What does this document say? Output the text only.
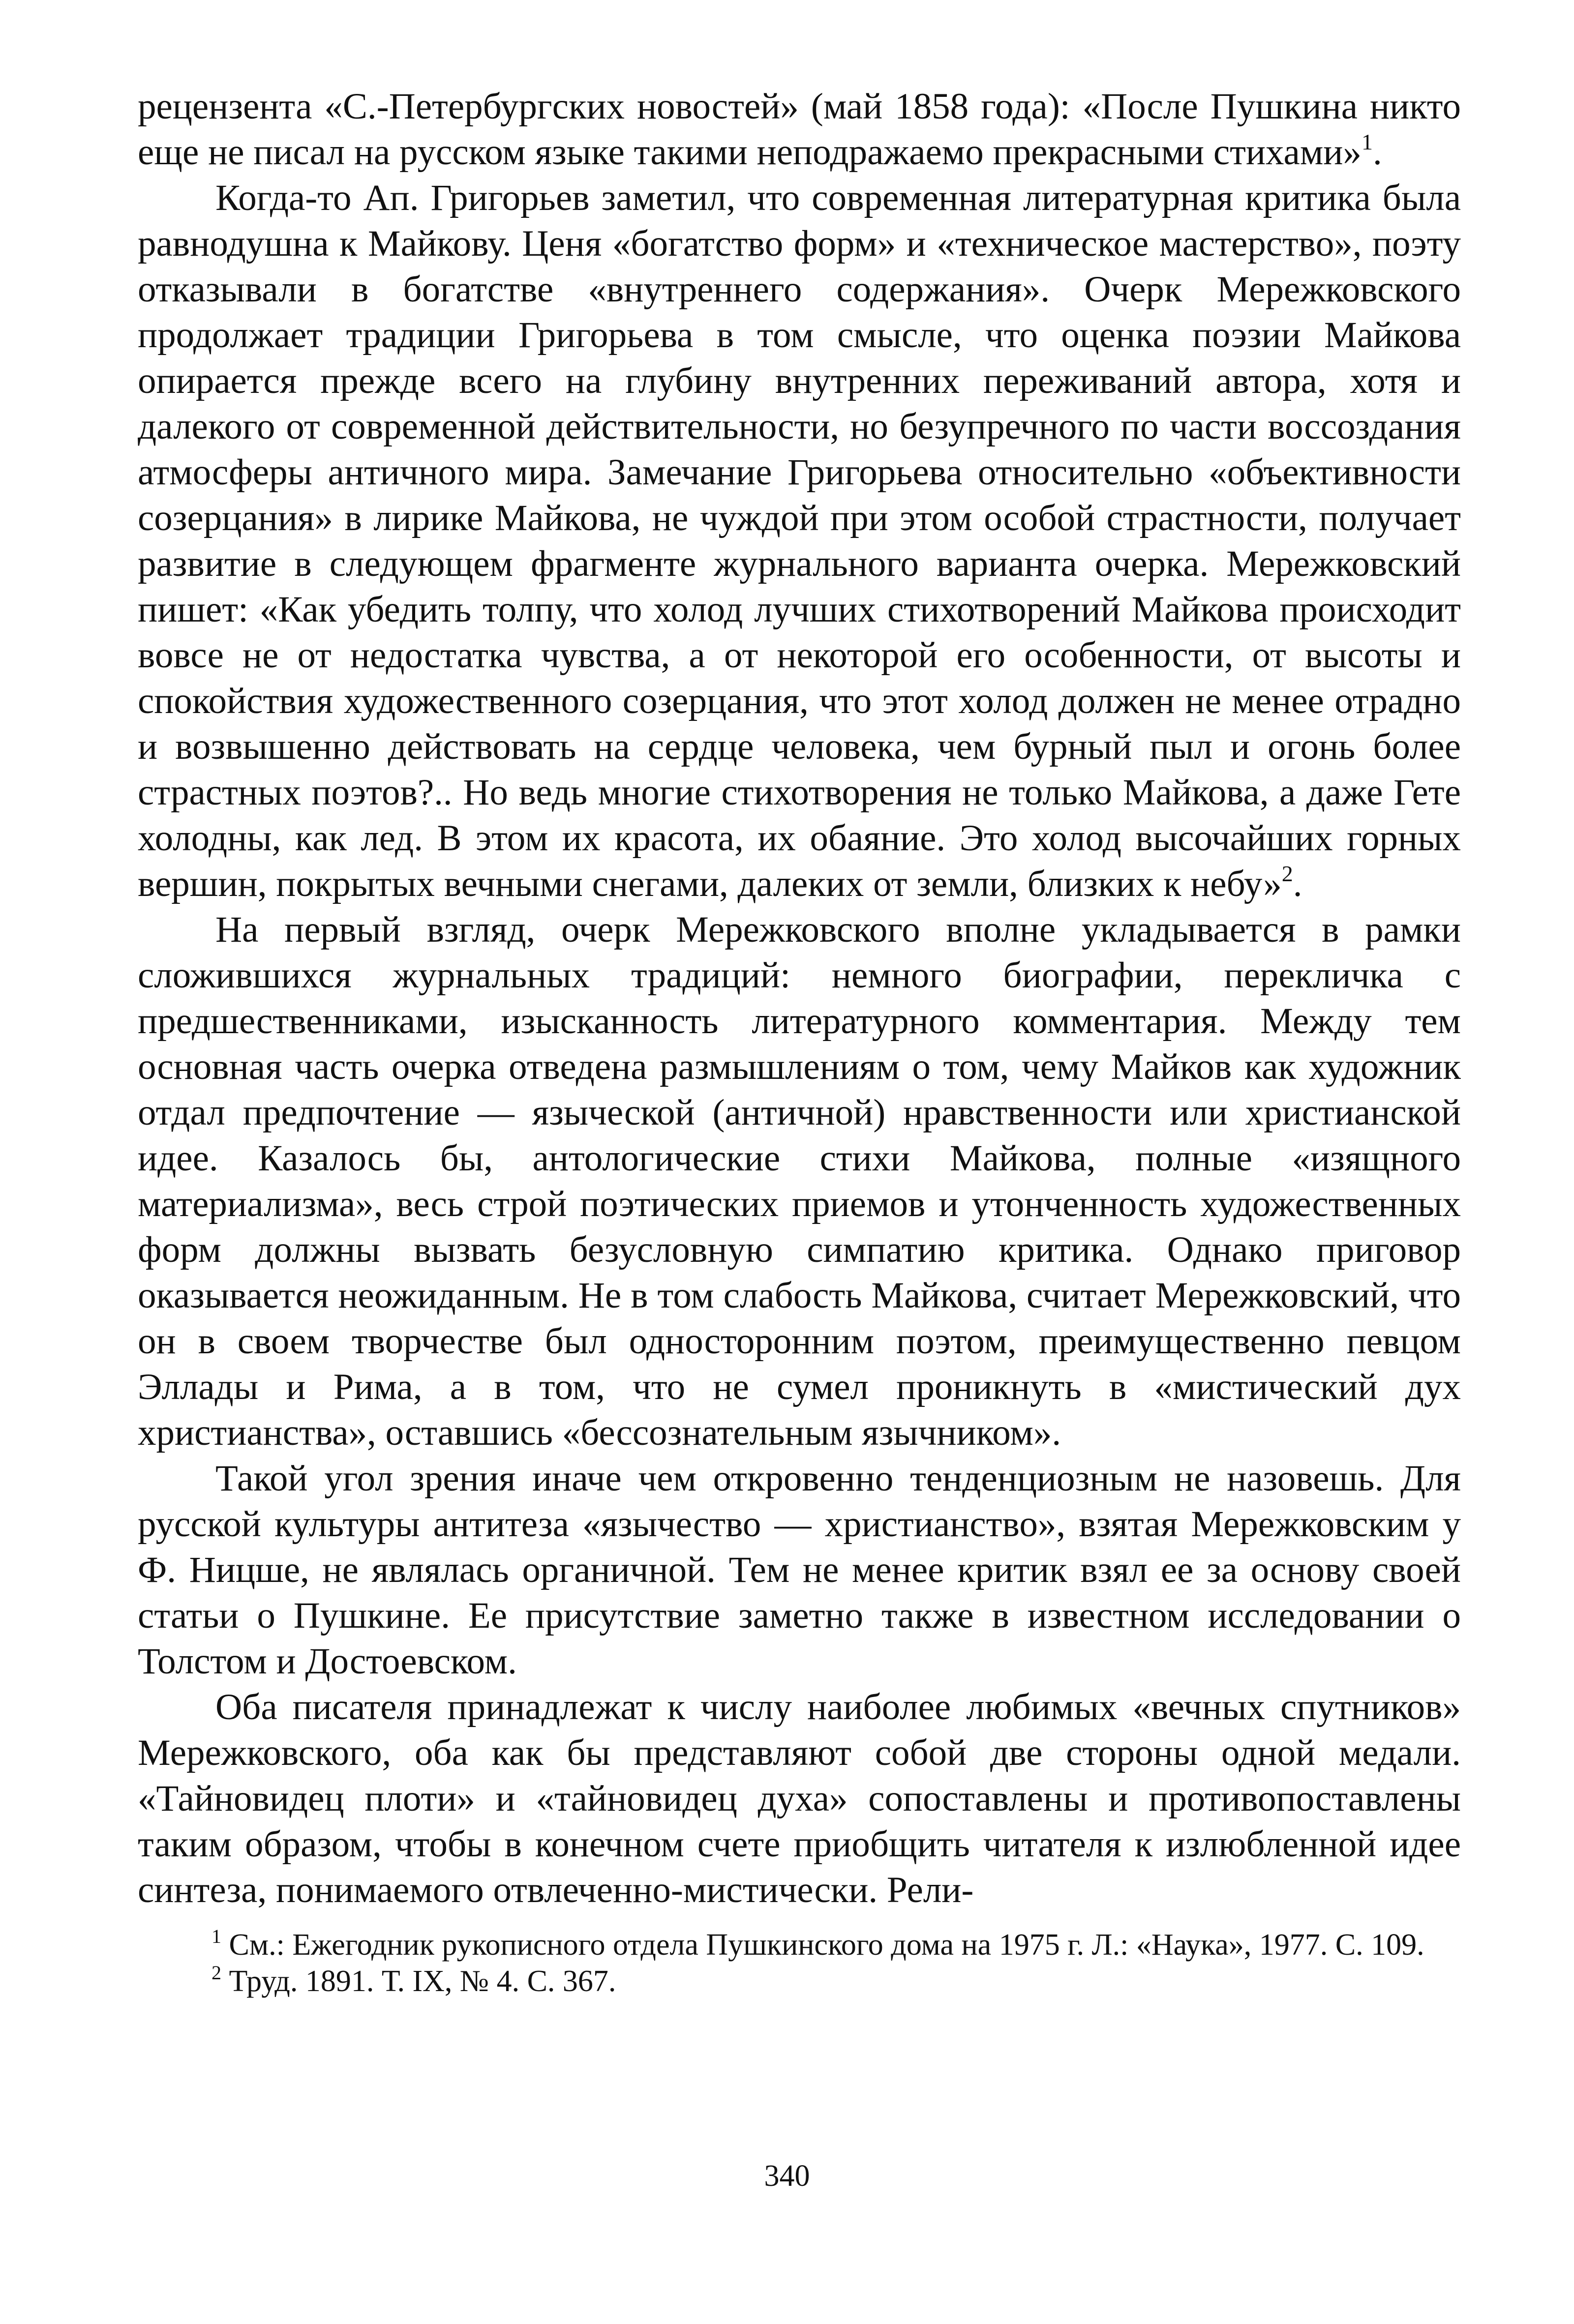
рецензента «С.-Петербургских новостей» (май 1858 года): «После Пушкина никто еще не писал на русском языке такими неподражаемо прекрасными стихами»$^1$.

Когда-то Ап. Григорьев заметил, что современная литературная критика была равнодушна к Майкову. Ценя «богатство форм» и «техническое мастерство», поэту отказывали в богатстве «внутреннего содержания». Очерк Мережковского продолжает традиции Григорьева в том смысле, что оценка поэзии Майкова опирается прежде всего на глубину внутренних переживаний автора, хотя и далекого от современной действительности, но безупречного по части воссоздания атмосферы античного мира. Замечание Григорьева относительно «объективности созерцания» в лирике Майкова, не чуждой при этом особой страстности, получает развитие в следующем фрагменте журнального варианта очерка. Мережковский пишет: «Как убедить толпу, что холод лучших стихотворений Майкова происходит вовсе не от недостатка чувства, а от некоторой его особенности, от высоты и спокойствия художественного созерцания, что этот холод должен не менее отрадно и возвышенно действовать на сердце человека, чем бурный пыл и огонь более страстных поэтов?.. Но ведь многие стихотворения не только Майкова, а даже Гете холодны, как лед. В этом их красота, их обаяние. Это холод высочайших горных вершин, покрытых вечными снегами, далеких от земли, близких к небу»$^2$.

На первый взгляд, очерк Мережковского вполне укладывается в рамки сложившихся журнальных традиций: немного биографии, перекличка с предшественниками, изысканность литературного комментария. Между тем основная часть очерка отведена размышлениям о том, чему Майков как художник отдал предпочтение — языческой (античной) нравственности или христианской идее. Казалось бы, антологические стихи Майкова, полные «изящного материализма», весь строй поэтических приемов и утонченность художественных форм должны вызвать безусловную симпатию критика. Однако приговор оказывается неожиданным. Не в том слабость Майкова, считает Мережковский, что он в своем творчестве был односторонним поэтом, преимущественно певцом Эллады и Рима, а в том, что не сумел проникнуть в «мистический дух христианства», оставшись «бессознательным язычником».

Такой угол зрения иначе чем откровенно тенденциозным не назовешь. Для русской культуры антитеза «язычество — христианство», взятая Мережковским у Ф. Ницше, не являлась органичной. Тем не менее критик взял ее за основу своей статьи о Пушкине. Ее присутствие заметно также в известном исследовании о Толстом и Достоевском.

Оба писателя принадлежат к числу наиболее любимых «вечных спутников» Мережковского, оба как бы представляют собой две стороны одной медали. «Тайновидец плоти» и «тайновидец духа» сопоставлены и противопоставлены таким образом, чтобы в конечном счете приобщить читателя к излюбленной идее синтеза, понимаемого отвлеченно-мистически. Рели-

$^1$ См.: Ежегодник рукописного отдела Пушкинского дома на 1975 г. Л.: «Наука», 1977. С. 109.

$^2$ Труд. 1891. Т. IX, № 4. С. 367.

340
